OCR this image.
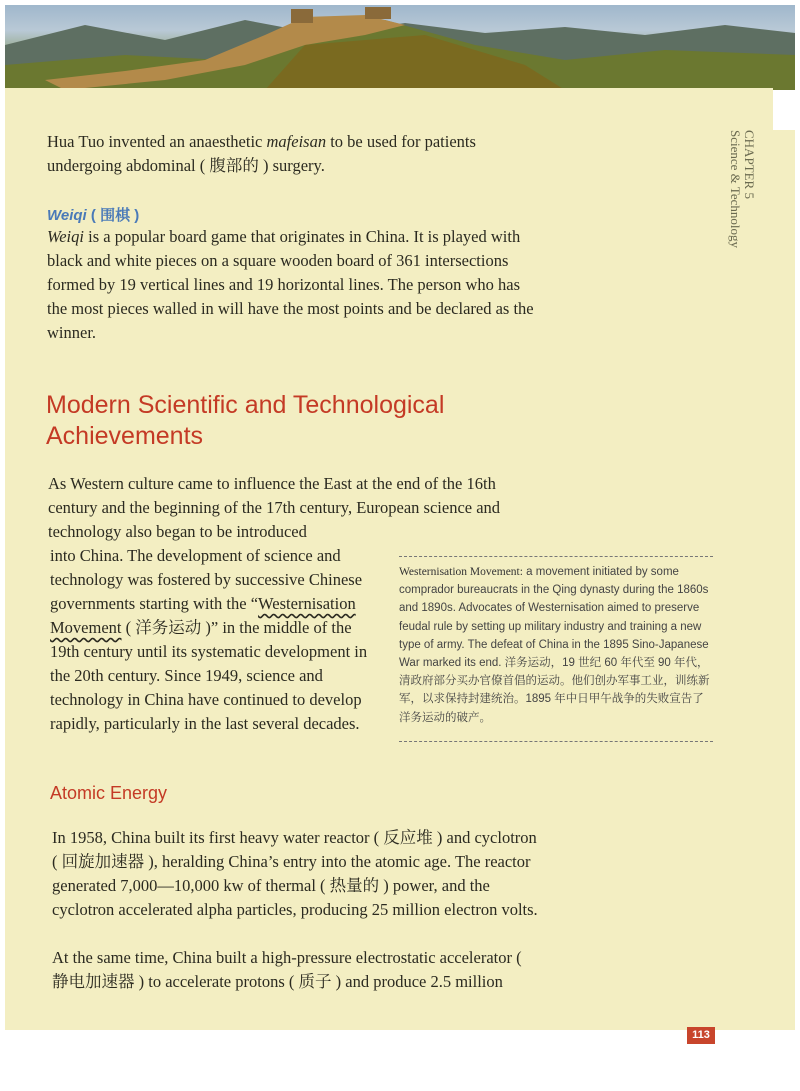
CHAPTER 5
Science & Technology
Hua Tuo invented an anaesthetic mafeisan to be used for patients undergoing abdominal ( 腹部的 ) surgery.
Weiqi ( 围棋 )
Weiqi is a popular board game that originates in China. It is played with black and white pieces on a square wooden board of 361 intersections formed by 19 vertical lines and 19 horizontal lines. The person who has the most pieces walled in will have the most points and be declared as the winner.
Modern Scientific and Technological Achievements
As Western culture came to influence the East at the end of the 16th century and the beginning of the 17th century, European science and technology also began to be introduced
into China. The development of science and technology was fostered by successive Chinese governments starting with the “Westernisation Movement ( 洋务运动 )” in the middle of the 19th century until its systematic development in the 20th century. Since 1949, science and technology in China have continued to develop rapidly, particularly in the last several decades.
Westernisation Movement: a movement initiated by some comprador bureaucrats in the Qing dynasty during the 1860s and 1890s. Advocates of Westernisation aimed to preserve feudal rule by setting up military industry and training a new type of army. The defeat of China in the 1895 Sino-Japanese War marked its end. 洋务运动，19 世纪 60 年代至 90 年代，清政府部分买办官僚首倡的运动。他们创办军事工业，训练新军，以求保持封建统治。1895 年中日甲午战争的失败宣告了洋务运动的破产。
Atomic Energy
In 1958, China built its first heavy water reactor ( 反应堆 ) and cyclotron ( 回旋加速器 ), heralding China’s entry into the atomic age. The reactor generated 7,000—10,000 kw of thermal ( 热量的 ) power, and the cyclotron accelerated alpha particles, producing 25 million electron volts.
At the same time, China built a high-pressure electrostatic accelerator ( 静电加速器 ) to accelerate protons ( 质子 ) and produce 2.5 million
113
